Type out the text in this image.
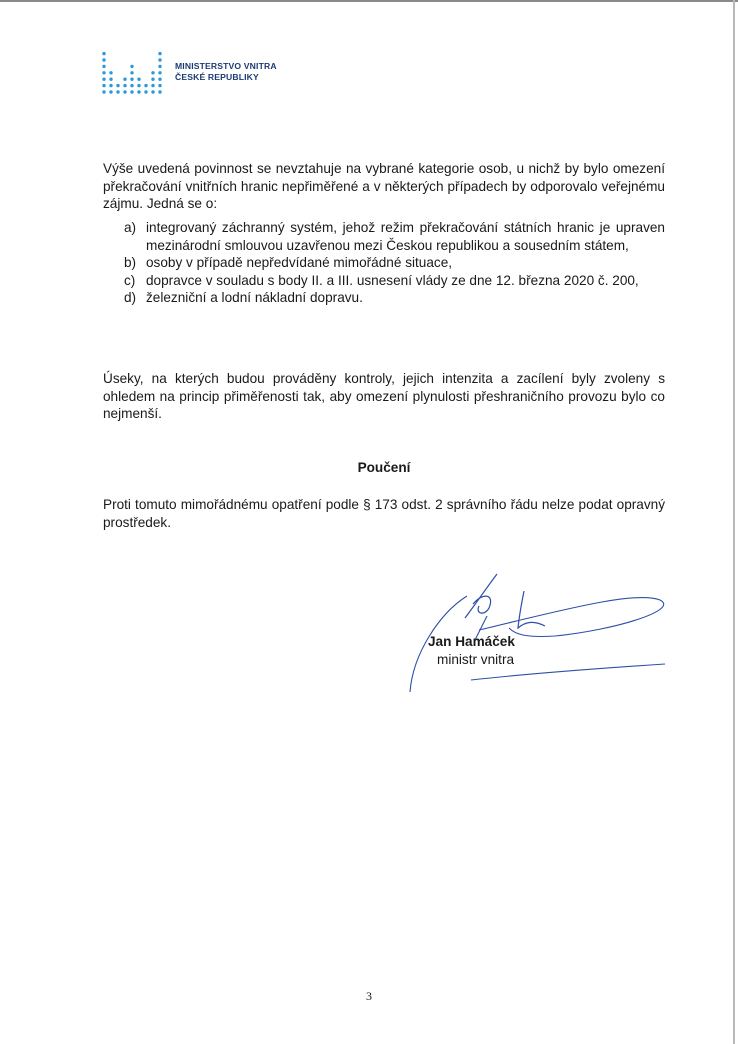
MINISTERSTVO VNITRA
ČESKÉ REPUBLIKY

Výše uvedená povinnost se nevztahuje na vybrané kategorie osob, u nichž by bylo omezení překračování vnitřních hranic nepřiměřené a v některých případech by odporovalo veřejnému zájmu. Jedná se o:

a) integrovaný záchranný systém, jehož režim překračování státních hranic je upraven mezinárodní smlouvou uzavřenou mezi Českou republikou a sousedním státem,
b) osoby v případě nepředvídané mimořádné situace,
c) dopravce v souladu s body II. a III. usnesení vlády ze dne 12. března 2020 č. 200,
d) železniční a lodní nákladní dopravu.

Úseky, na kterých budou prováděny kontroly, jejich intenzita a zacílení byly zvoleny s ohledem na princip přiměřenosti tak, aby omezení plynulosti přeshraničního provozu bylo co nejmenší.

Poučení

Proti tomuto mimořádnému opatření podle § 173 odst. 2 správního řádu nelze podat opravný prostředek.

Jan Hamáček
ministr vnitra
3
